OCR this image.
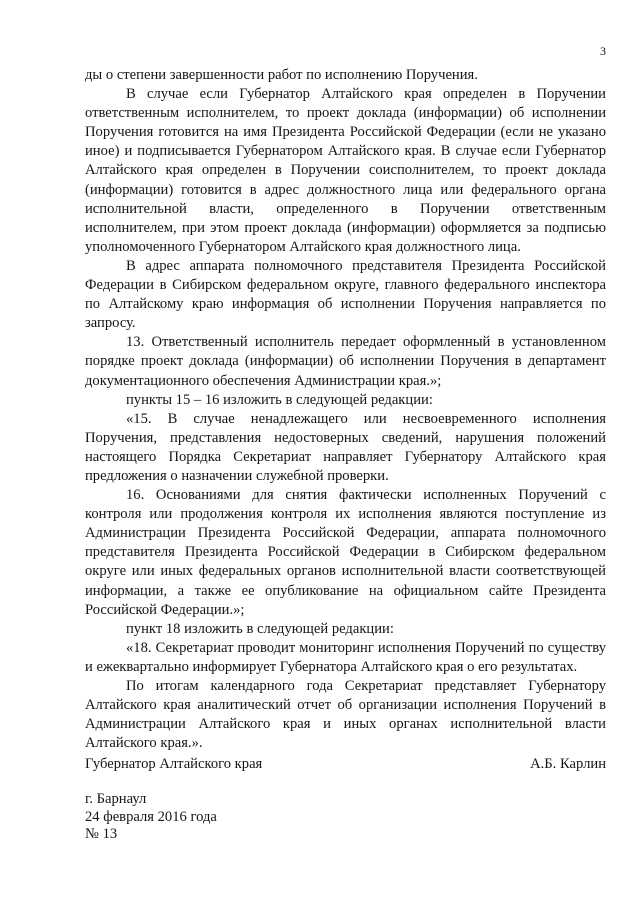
3

ды о степени завершенности работ по исполнению Поручения.

В случае если Губернатор Алтайского края определен в Поручении ответственным исполнителем, то проект доклада (информации) об исполнении Поручения готовится на имя Президента Российской Федерации (если не указано иное) и подписывается Губернатором Алтайского края. В случае если Губернатор Алтайского края определен в Поручении соисполнителем, то проект доклада (информации) готовится в адрес должностного лица или федерального органа исполнительной власти, определенного в Поручении ответственным исполнителем, при этом проект доклада (информации) оформляется за подписью уполномоченного Губернатором Алтайского края должностного лица.

В адрес аппарата полномочного представителя Президента Российской Федерации в Сибирском федеральном округе, главного федерального инспектора по Алтайскому краю информация об исполнении Поручения направляется по запросу.

13. Ответственный исполнитель передает оформленный в установленном порядке проект доклада (информации) об исполнении Поручения в департамент документационного обеспечения Администрации края.»;

пункты 15 – 16 изложить в следующей редакции:

«15. В случае ненадлежащего или несвоевременного исполнения Поручения, представления недостоверных сведений, нарушения положений настоящего Порядка Секретариат направляет Губернатору Алтайского края предложения о назначении служебной проверки.

16. Основаниями для снятия фактически исполненных Поручений с контроля или продолжения контроля их исполнения являются поступление из Администрации Президента Российской Федерации, аппарата полномочного представителя Президента Российской Федерации в Сибирском федеральном округе или иных федеральных органов исполнительной власти соответствующей информации, а также ее опубликование на официальном сайте Президента Российской Федерации.»;

пункт 18 изложить в следующей редакции:

«18. Секретариат проводит мониторинг исполнения Поручений по существу и ежеквартально информирует Губернатора Алтайского края о его результатах.

По итогам календарного года Секретариат представляет Губернатору Алтайского края аналитический отчет об организации исполнения Поручений в Администрации Алтайского края и иных органах исполнительной власти Алтайского края.».

Губернатор Алтайского края	А.Б. Карлин
г. Барнаул
24 февраля 2016 года
№ 13
